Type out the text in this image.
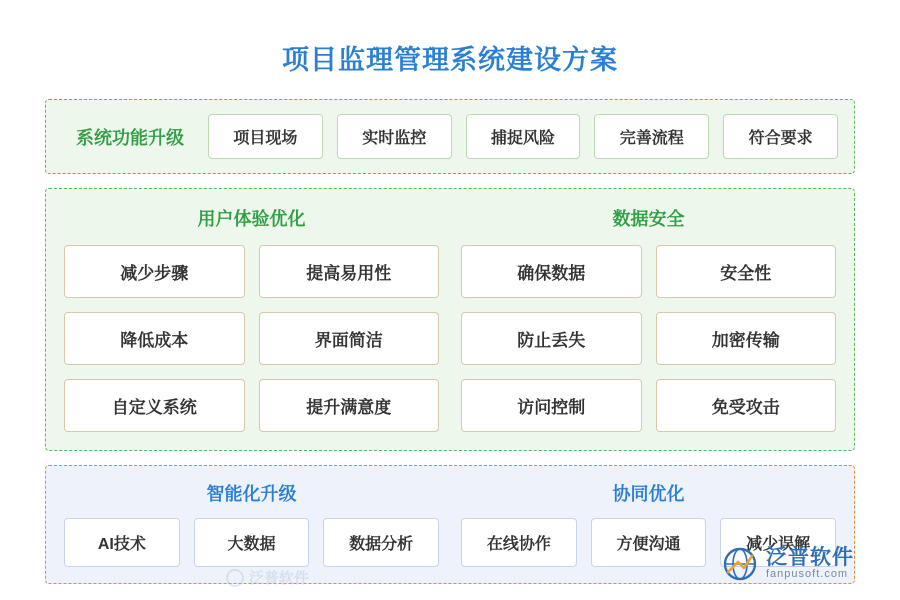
项目监理管理系统建设方案
系统功能升级	项目现场	实时监控	捕捉风险	完善流程	符合要求
用户体验优化
减少步骤	提高易用性
降低成本	界面简洁
自定义系统	提升满意度
数据安全
确保数据	安全性
防止丢失	加密传输
访问控制	免受攻击
泛普软件
智能化升级
AI技术	大数据	数据分析
协同优化
在线协作	方便沟通	减少误解
泛普软件
fanpusoft.com
